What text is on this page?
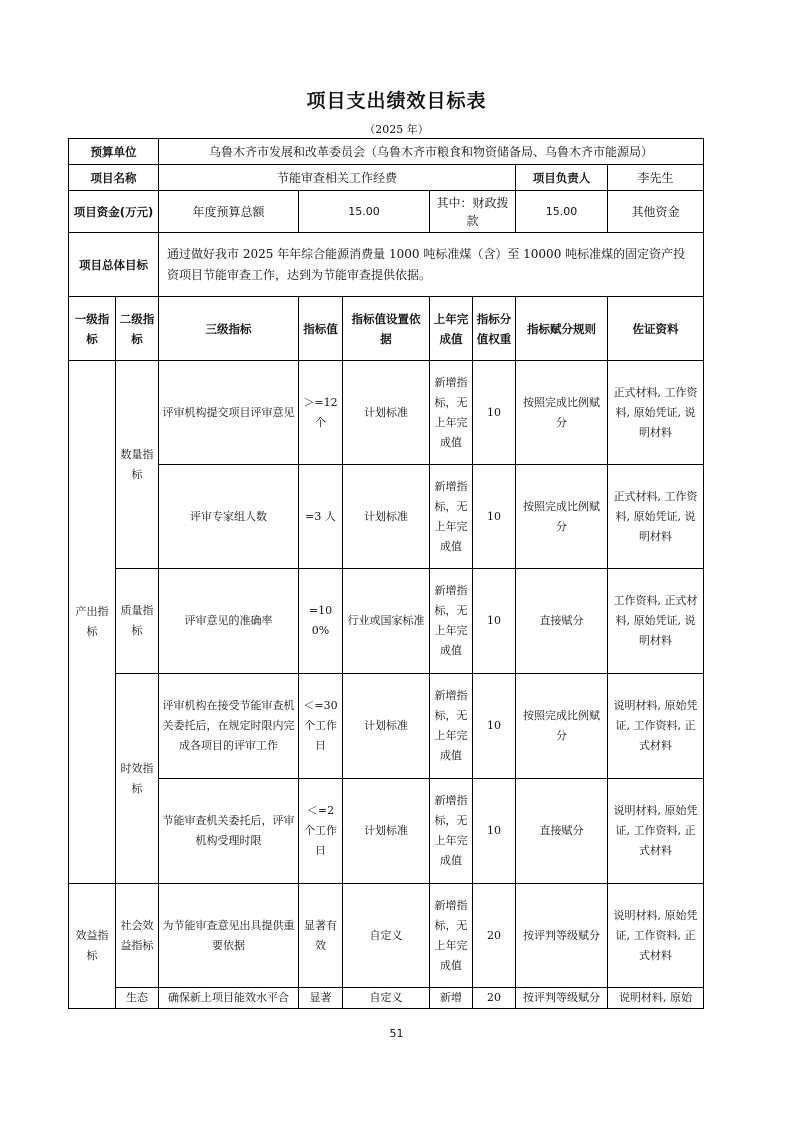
项目支出绩效目标表
（2025 年）
预算单位		乌鲁木齐市发展和改革委员会（乌鲁木齐市粮食和物资储备局、乌鲁木齐市能源局）						
项目名称		节能审查相关工作经费					项目负责人	李先生
项目资金(万元)		年度预算总额	15.00		其中：财政拨款		15.00	其他资金

项目总体目标		通过做好我市 2025 年年综合能源消费量 1000 吨标准煤（含）至 10000 吨标准煤的固定资产投资项目节能审查工作，达到为节能审查提供依据。						
一级指标	二级指标	三级指标	指标值	指标值设置依据	上年完成值	指标分值权重	指标赋分规则	佐证资料
产出指标	数量指标	评审机构提交项目评审意见	＞=12个	计划标准	新增指标，无上年完成值	10	按照完成比例赋分	正式材料, 工作资料, 原始凭证, 说明材料
		评审专家组人数	=3 人	计划标准	新增指标，无上年完成值	10	按照完成比例赋分	正式材料, 工作资料, 原始凭证, 说明材料
	质量指标	评审意见的准确率	=100%	行业或国家标准	新增指标，无上年完成值	10	直接赋分	工作资料, 正式材料, 原始凭证, 说明材料
	时效指标	评审机构在接受节能审查机关委托后，在规定时限内完成各项目的评审工作	＜=30个工作日	计划标准	新增指标，无上年完成值	10	按照完成比例赋分	说明材料, 原始凭证, 工作资料, 正式材料
		节能审查机关委托后，评审机构受理时限	＜=2个工作日	计划标准	新增指标，无上年完成值	10	直接赋分	说明材料, 原始凭证, 工作资料, 正式材料
效益指标	社会效益指标	为节能审查意见出具提供重要依据	显著有效	自定义	新增指标，无上年完成值	20	按评判等级赋分	说明材料, 原始凭证, 工作资料, 正式材料
	生态	确保新上项目能效水平合	显著	自定义	新增	20	按评判等级赋分	说明材料, 原始
51
